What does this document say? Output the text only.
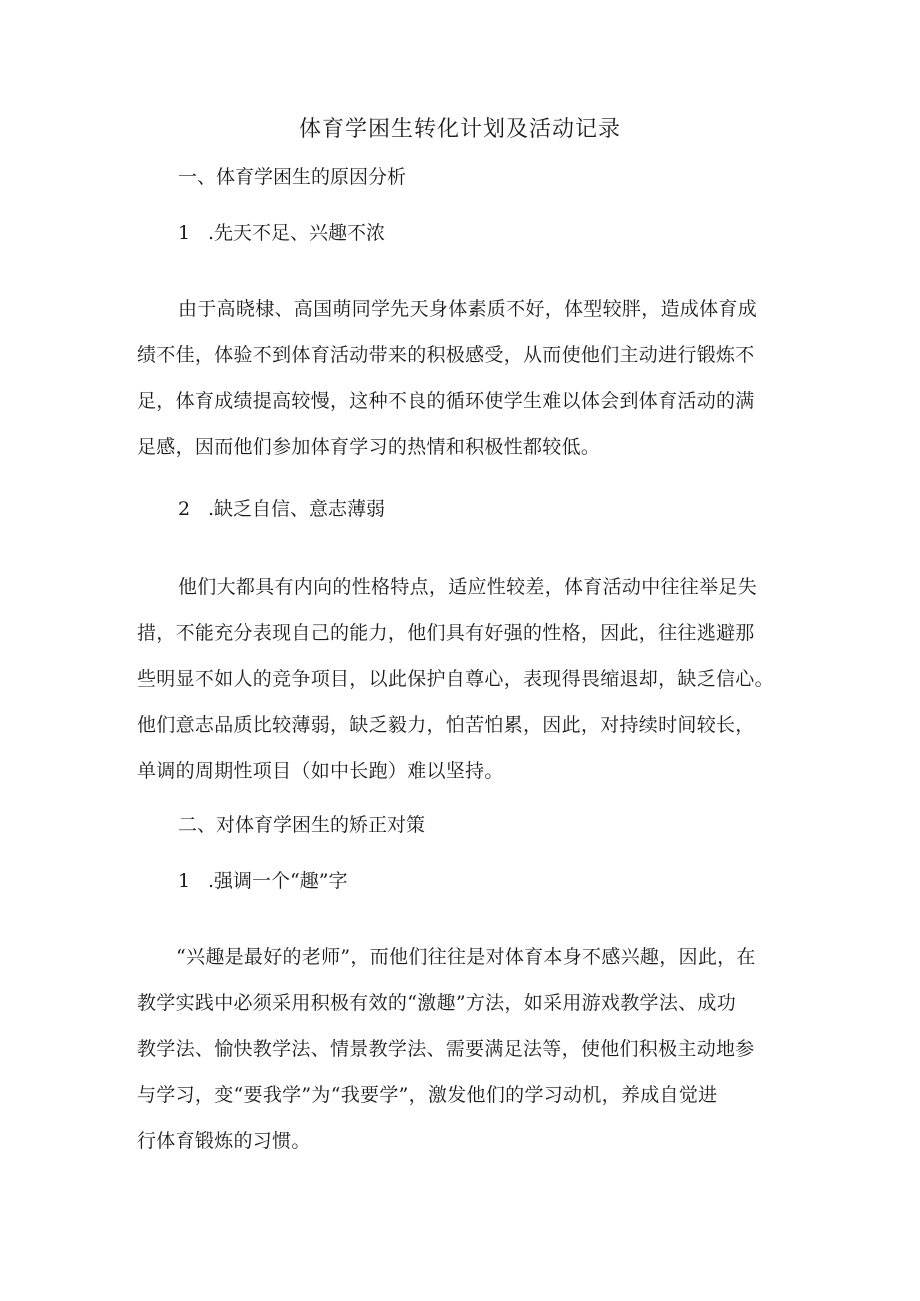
体育学困生转化计划及活动记录
一、体育学困生的原因分析
1 .先天不足、兴趣不浓
由于高晓棣、高国萌同学先天身体素质不好，体型较胖，造成体育成
绩不佳，体验不到体育活动带来的积极感受，从而使他们主动进行锻炼不
足，体育成绩提高较慢，这种不良的循环使学生难以体会到体育活动的满
足感，因而他们参加体育学习的热情和积极性都较低。
2 .缺乏自信、意志薄弱
他们大都具有内向的性格特点，适应性较差，体育活动中往往举足失
措，不能充分表现自己的能力，他们具有好强的性格，因此，往往逃避那
些明显不如人的竞争项目，以此保护自尊心，表现得畏缩退却，缺乏信心。
他们意志品质比较薄弱，缺乏毅力，怕苦怕累，因此，对持续时间较长，
单调的周期性项目（如中长跑）难以坚持。
二、对体育学困生的矫正对策
1 .强调一个“趣”字
“兴趣是最好的老师”，而他们往往是对体育本身不感兴趣，因此，在
教学实践中必须采用积极有效的“激趣”方法，如采用游戏教学法、成功
教学法、愉快教学法、情景教学法、需要满足法等，使他们积极主动地参
与学习，变“要我学”为“我要学”，激发他们的学习动机，养成自觉进
行体育锻炼的习惯。
